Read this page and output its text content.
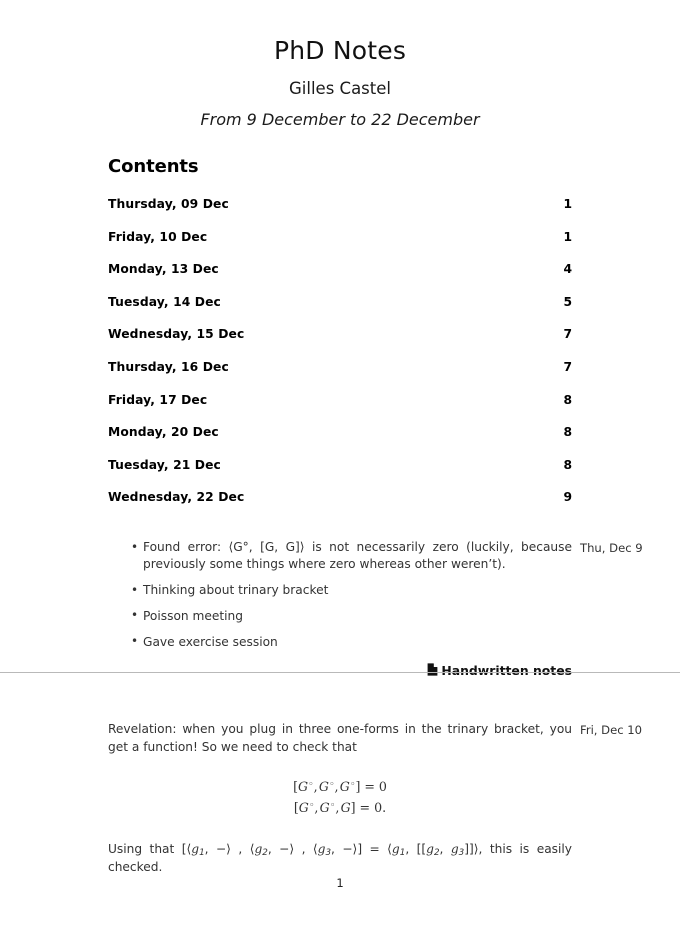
PhD Notes
Gilles Castel
From 9 December to 22 December
Contents
Thursday, 09 Dec	1
Friday, 10 Dec	1
Monday, 13 Dec	4
Tuesday, 14 Dec	5
Wednesday, 15 Dec	7
Thursday, 16 Dec	7
Friday, 17 Dec	8
Monday, 20 Dec	8
Tuesday, 21 Dec	8
Wednesday, 22 Dec	9
Thu, Dec 9
• Found error: ⟨G°, [G, G]⟩ is not necessarily zero (luckily, because previously some things where zero whereas other weren’t).
• Thinking about trinary bracket
• Poisson meeting
• Gave exercise session
Handwritten notes
Fri, Dec 10

Revelation: when you plug in three one-forms in the trinary bracket, you get a function! So we need to check that

[G◦, G◦, G◦] = 0
[G◦, G◦, G] = 0.

Using that [$⟨g_1$, −⟩ , $⟨g_2$, −⟩ , $⟨g_3$, −⟩] = $⟨g_1$, [[$g_2$, $g_3]]⟩$, this is easily checked.

1
